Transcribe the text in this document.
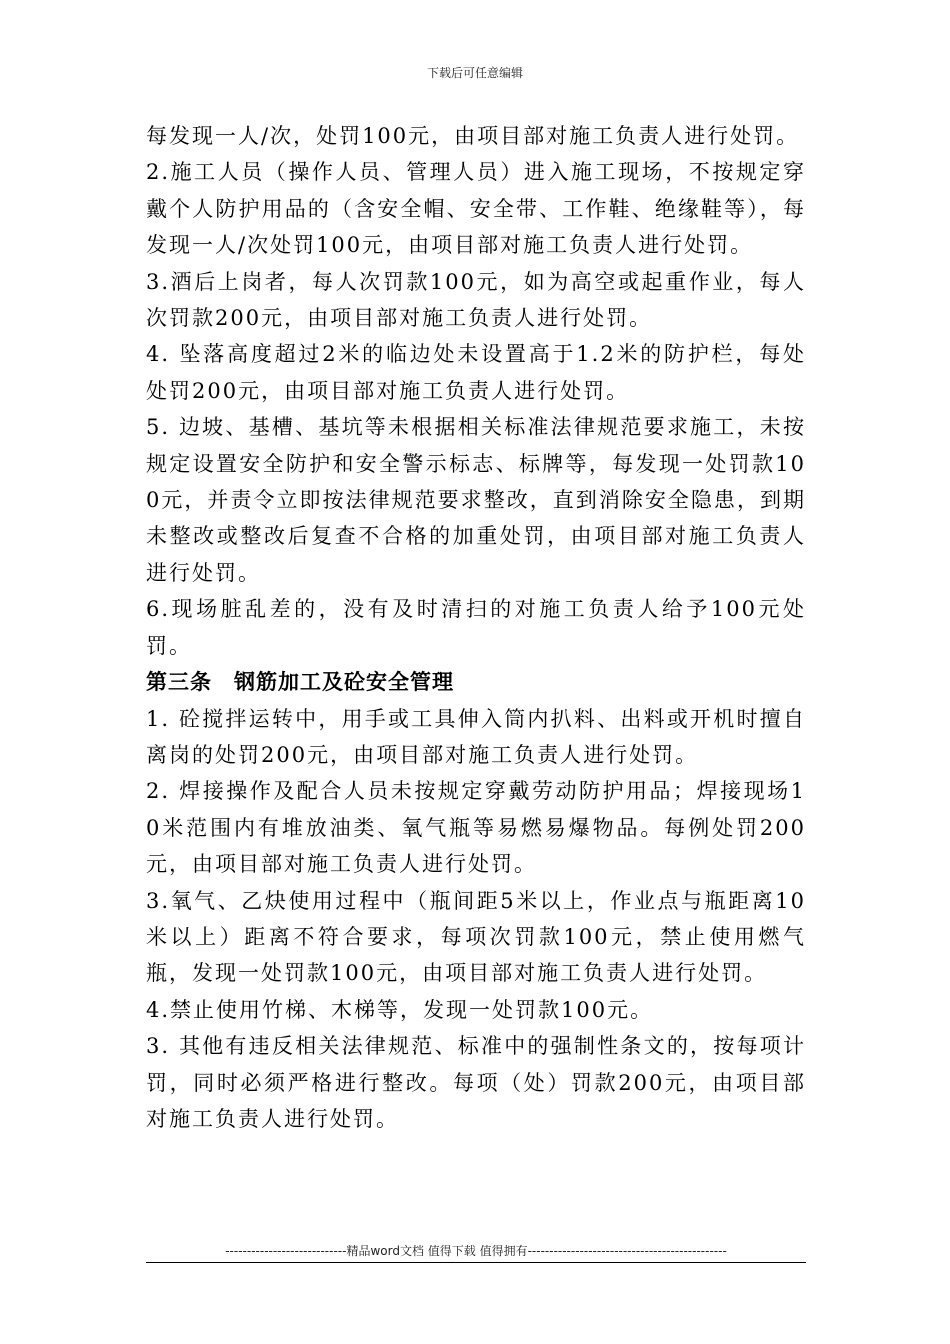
下载后可任意编辑

每发现一人/次，处罚100元，由项目部对施工负责人进行处罚。

2.施工人员（操作人员、管理人员）进入施工现场，不按规定穿戴个人防护用品的（含安全帽、安全带、工作鞋、绝缘鞋等），每发现一人/次处罚100元，由项目部对施工负责人进行处罚。

3.酒后上岗者，每人次罚款100元，如为高空或起重作业，每人次罚款200元，由项目部对施工负责人进行处罚。

4. 坠落高度超过2米的临边处未设置高于1.2米的防护栏，每处处罚200元，由项目部对施工负责人进行处罚。

5. 边坡、基槽、基坑等未根据相关标准法律规范要求施工，未按规定设置安全防护和安全警示标志、标牌等，每发现一处罚款100元，并责令立即按法律规范要求整改，直到消除安全隐患，到期未整改或整改后复查不合格的加重处罚，由项目部对施工负责人进行处罚。

6.现场脏乱差的，没有及时清扫的对施工负责人给予100元处罚。

第三条　钢筋加工及砼安全管理

1. 砼搅拌运转中，用手或工具伸入筒内扒料、出料或开机时擅自离岗的处罚200元，由项目部对施工负责人进行处罚。

2. 焊接操作及配合人员未按规定穿戴劳动防护用品；焊接现场10米范围内有堆放油类、氧气瓶等易燃易爆物品。每例处罚200元，由项目部对施工负责人进行处罚。

3.氧气、乙炔使用过程中（瓶间距5米以上，作业点与瓶距离10米以上）距离不符合要求，每项次罚款100元，禁止使用燃气瓶，发现一处罚款100元，由项目部对施工负责人进行处罚。

4.禁止使用竹梯、木梯等，发现一处罚款100元。

3. 其他有违反相关法律规范、标准中的强制性条文的，按每项计罚，同时必须严格进行整改。每项（处）罚款200元，由项目部对施工负责人进行处罚。

----------------------------精品word文档 值得下载 值得拥有----------------------------------------------
